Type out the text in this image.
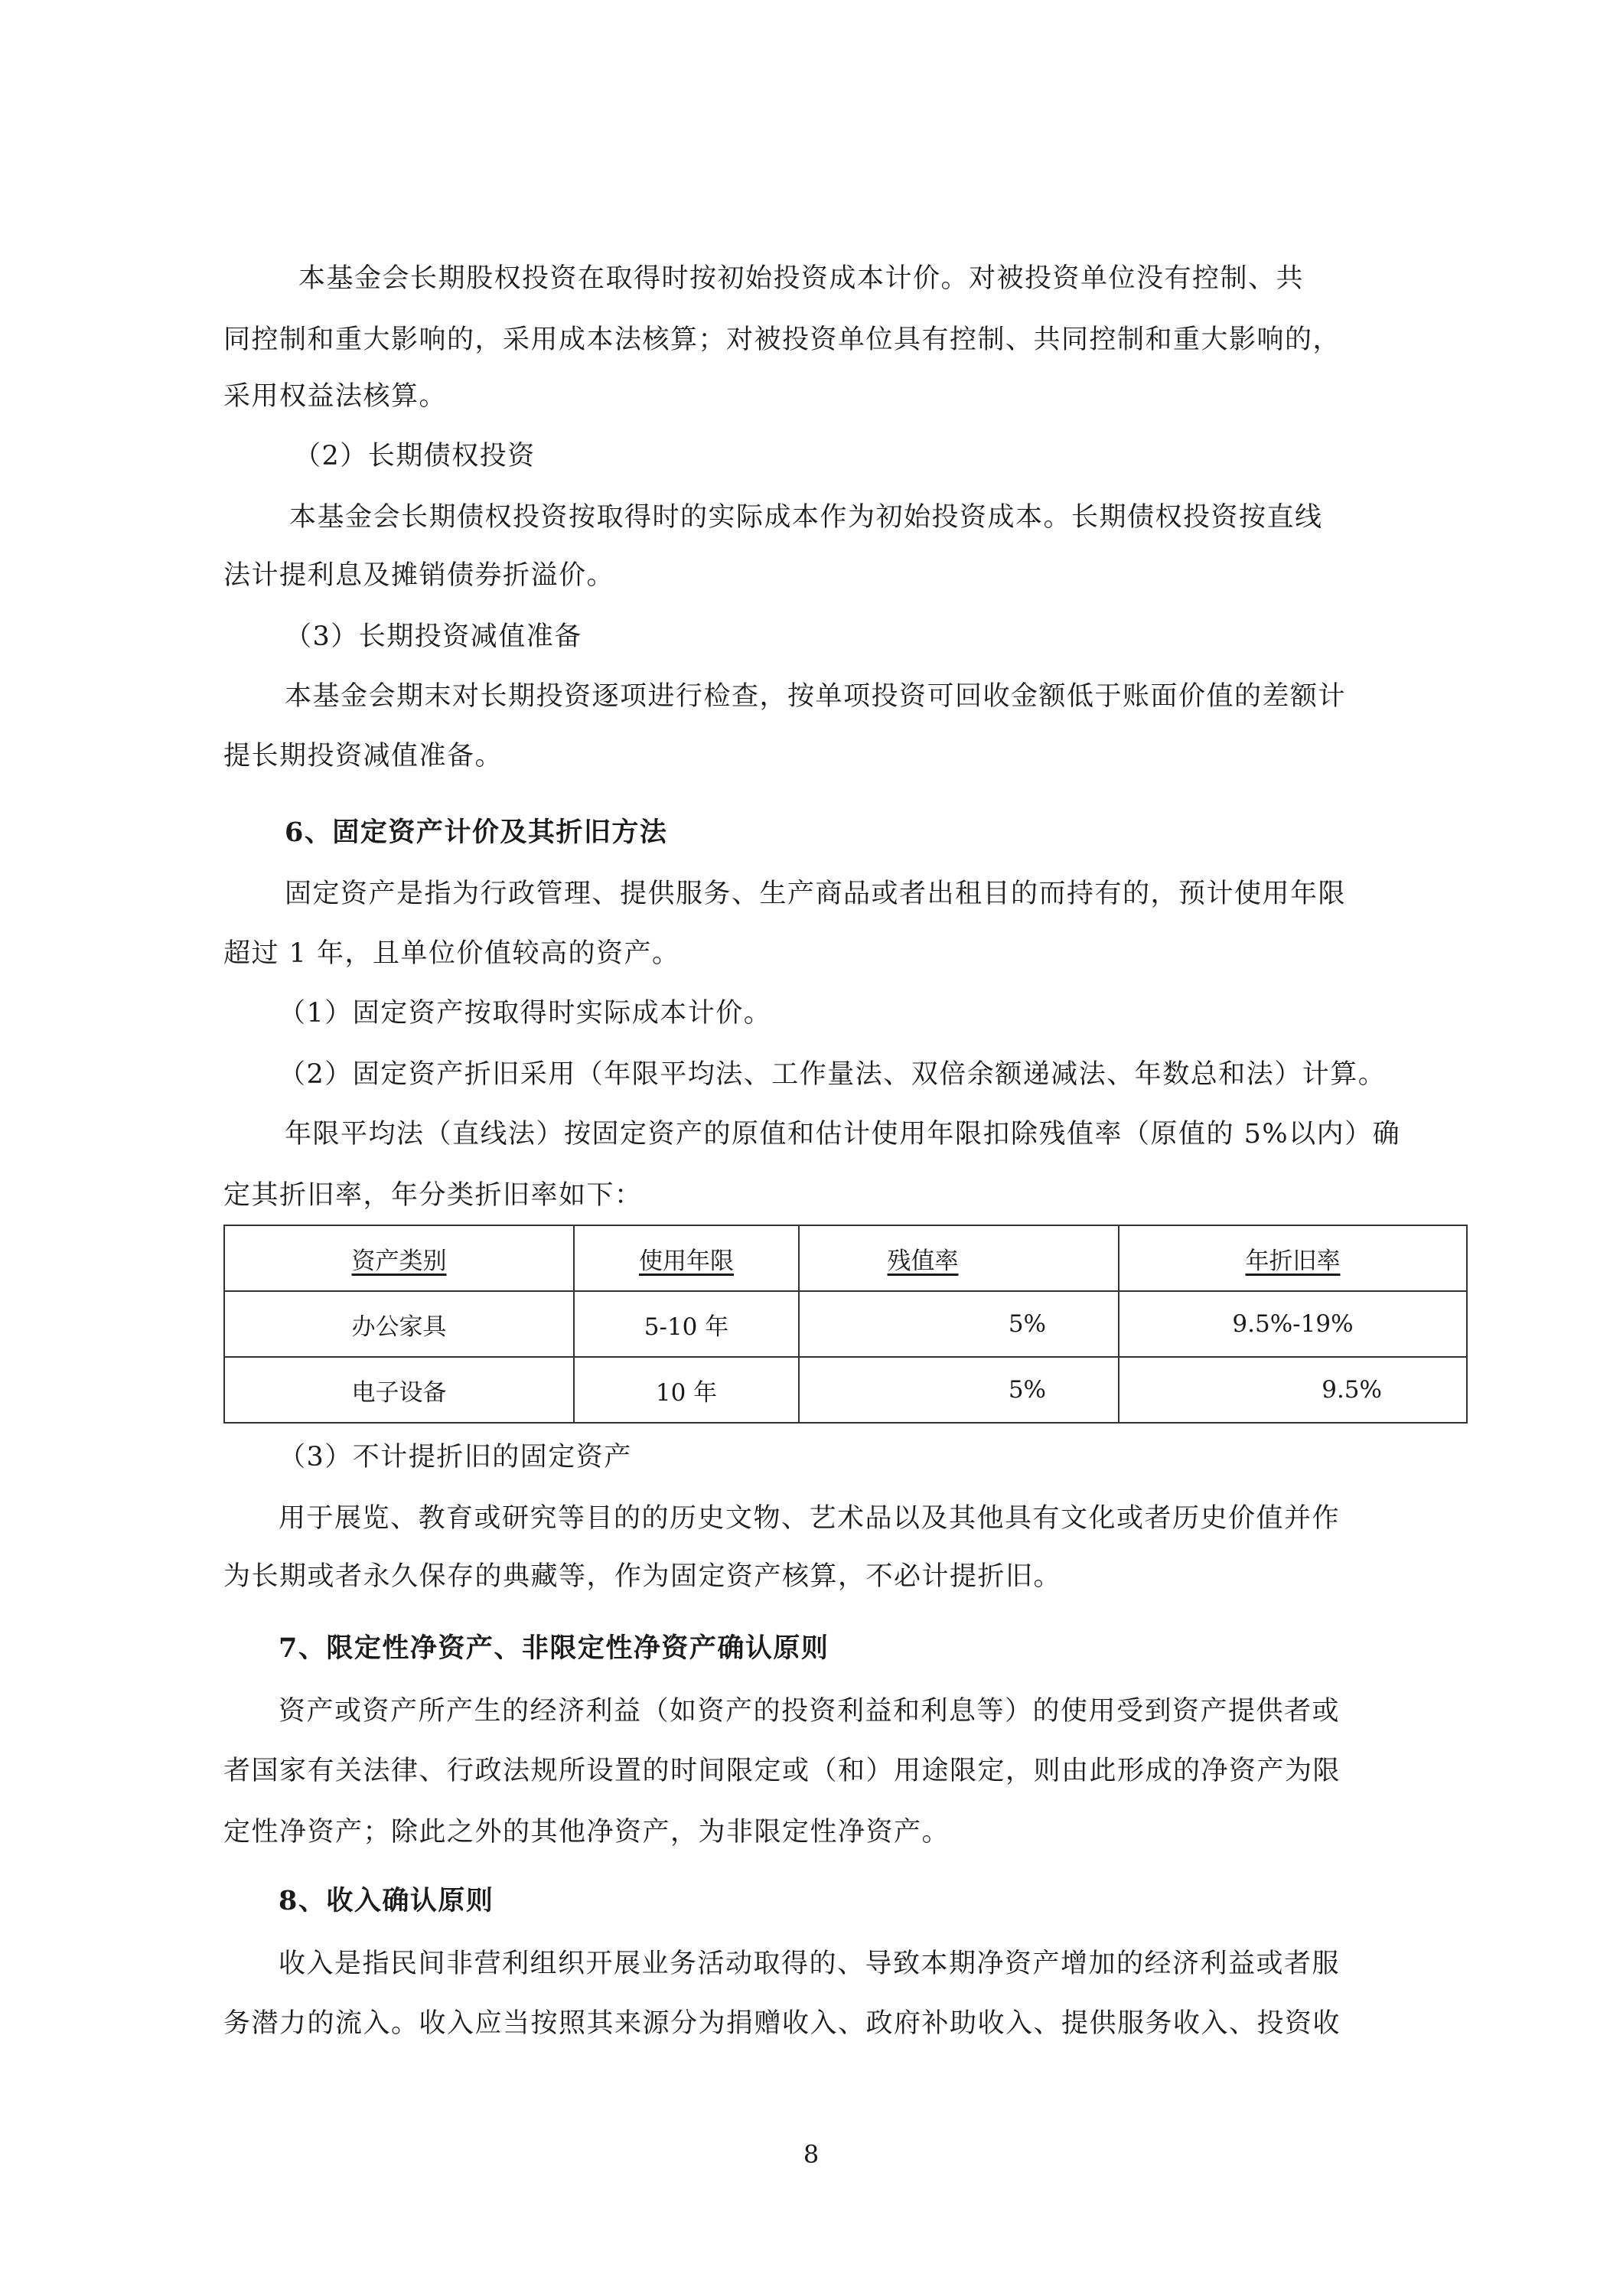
本基金会长期股权投资在取得时按初始投资成本计价。对被投资单位没有控制、共
同控制和重大影响的，采用成本法核算；对被投资单位具有控制、共同控制和重大影响的，
采用权益法核算。
（2）长期债权投资
本基金会长期债权投资按取得时的实际成本作为初始投资成本。长期债权投资按直线
法计提利息及摊销债券折溢价。
（3）长期投资减值准备
本基金会期末对长期投资逐项进行检查，按单项投资可回收金额低于账面价值的差额计
提长期投资减值准备。
6、固定资产计价及其折旧方法
固定资产是指为行政管理、提供服务、生产商品或者出租目的而持有的，预计使用年限
超过 1 年，且单位价值较高的资产。
（1）固定资产按取得时实际成本计价。
（2）固定资产折旧采用（年限平均法、工作量法、双倍余额递减法、年数总和法）计算。
年限平均法（直线法）按固定资产的原值和估计使用年限扣除残值率（原值的 5%以内）确
定其折旧率，年分类折旧率如下：
资产类别	使用年限	残值率	年折旧率
办公家具	5-10 年	5%	9.5%-19%
电子设备	10 年	5%	9.5%
（3）不计提折旧的固定资产
用于展览、教育或研究等目的的历史文物、艺术品以及其他具有文化或者历史价值并作
为长期或者永久保存的典藏等，作为固定资产核算，不必计提折旧。
7、限定性净资产、非限定性净资产确认原则
资产或资产所产生的经济利益（如资产的投资利益和利息等）的使用受到资产提供者或
者国家有关法律、行政法规所设置的时间限定或（和）用途限定，则由此形成的净资产为限
定性净资产；除此之外的其他净资产，为非限定性净资产。
8、收入确认原则
收入是指民间非营利组织开展业务活动取得的、导致本期净资产增加的经济利益或者服
务潜力的流入。收入应当按照其来源分为捐赠收入、政府补助收入、提供服务收入、投资收
8
